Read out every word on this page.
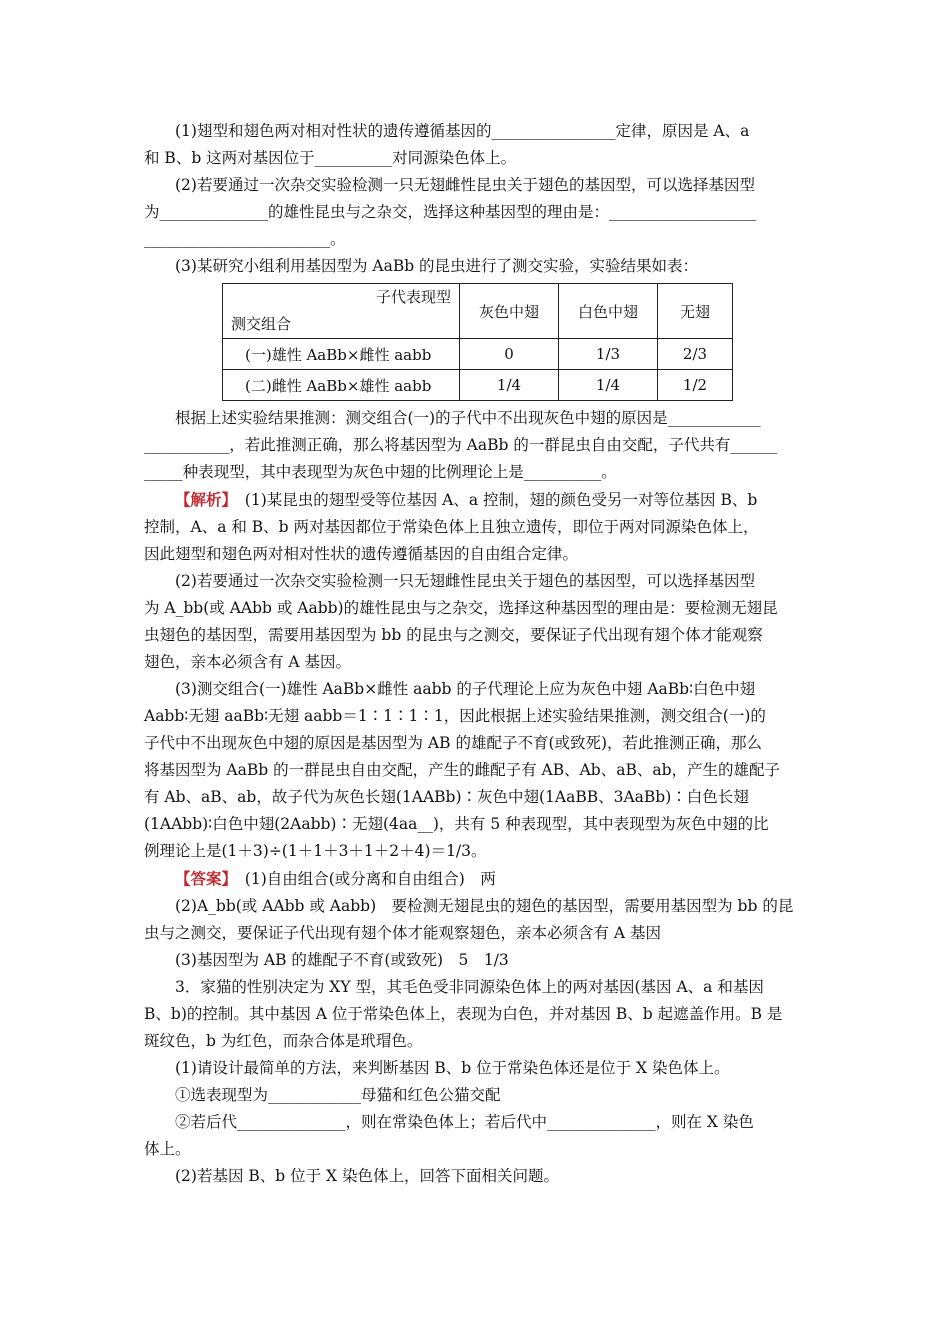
(1)翅型和翅色两对相对性状的遗传遵循基因的________________定律，原因是 A、a

和 B、b 这两对基因位于__________对同源染色体上。

(2)若要通过一次杂交实验检测一只无翅雌性昆虫关于翅色的基因型，可以选择基因型

为______________的雄性昆虫与之杂交，选择这种基因型的理由是：___________________

________________________。

(3)某研究小组利用基因型为 AaBb 的昆虫进行了测交实验，实验结果如表：

子代表现型
测交组合	灰色中翅	白色中翅	无翅
(一)雄性 AaBb×雌性 aabb	0	1/3	2/3
(二)雌性 AaBb×雄性 aabb	1/4	1/4	1/2

根据上述实验结果推测：测交组合(一)的子代中不出现灰色中翅的原因是____________

___________，若此推测正确，那么将基因型为 AaBb 的一群昆虫自由交配，子代共有______

_____种表现型，其中表现型为灰色中翅的比例理论上是__________。

【解析】　 (1)某昆虫的翅型受等位基因 A、a 控制，翅的颜色受另一对等位基因 B、b

控制，A、a 和 B、b 两对基因都位于常染色体上且独立遗传，即位于两对同源染色体上，

因此翅型和翅色两对相对性状的遗传遵循基因的自由组合定律。

(2)若要通过一次杂交实验检测一只无翅雌性昆虫关于翅色的基因型，可以选择基因型

为 A_bb(或 AAbb 或 Aabb)的雄性昆虫与之杂交，选择这种基因型的理由是：要检测无翅昆

虫翅色的基因型，需要用基因型为 bb 的昆虫与之测交，要保证子代出现有翅个体才能观察

翅色，亲本必须含有 A 基因。

(3)测交组合(一)雄性 AaBb×雌性 aabb 的子代理论上应为灰色中翅 AaBb∶白色中翅

Aabb∶无翅 aaBb∶无翅 aabb＝1∶1∶1∶1，因此根据上述实验结果推测，测交组合(一)的

子代中不出现灰色中翅的原因是基因型为 AB 的雄配子不育(或致死)，若此推测正确，那么

将基因型为 AaBb 的一群昆虫自由交配，产生的雌配子有 AB、Ab、aB、ab，产生的雄配子

有 Ab、aB、ab，故子代为灰色长翅(1AABb)∶灰色中翅(1AaBB、3AaBb)∶白色长翅

(1AAbb)∶白色中翅(2Aabb)∶无翅(4aa__)，共有 5 种表现型，其中表现型为灰色中翅的比

例理论上是(1＋3)÷(1＋1＋3＋1＋2＋4)＝1/3。

【答案】　 (1)自由组合(或分离和自由组合)　两

(2)A_bb(或 AAbb 或 Aabb)　要检测无翅昆虫的翅色的基因型，需要用基因型为 bb 的昆

虫与之测交，要保证子代出现有翅个体才能观察翅色，亲本必须含有 A 基因

(3)基因型为 AB 的雄配子不育(或致死)　5　1/3

3．家猫的性别决定为 XY 型，其毛色受非同源染色体上的两对基因(基因 A、a 和基因

B、b)的控制。其中基因 A 位于常染色体上，表现为白色，并对基因 B、b 起遮盖作用。B 是

斑纹色，b 为红色，而杂合体是玳瑁色。

(1)请设计最简单的方法，来判断基因 B、b 位于常染色体还是位于 X 染色体上。

①选表现型为____________母猫和红色公猫交配

②若后代______________，则在常染色体上；若后代中______________，则在 X 染色

体上。

(2)若基因 B、b 位于 X 染色体上，回答下面相关问题。
